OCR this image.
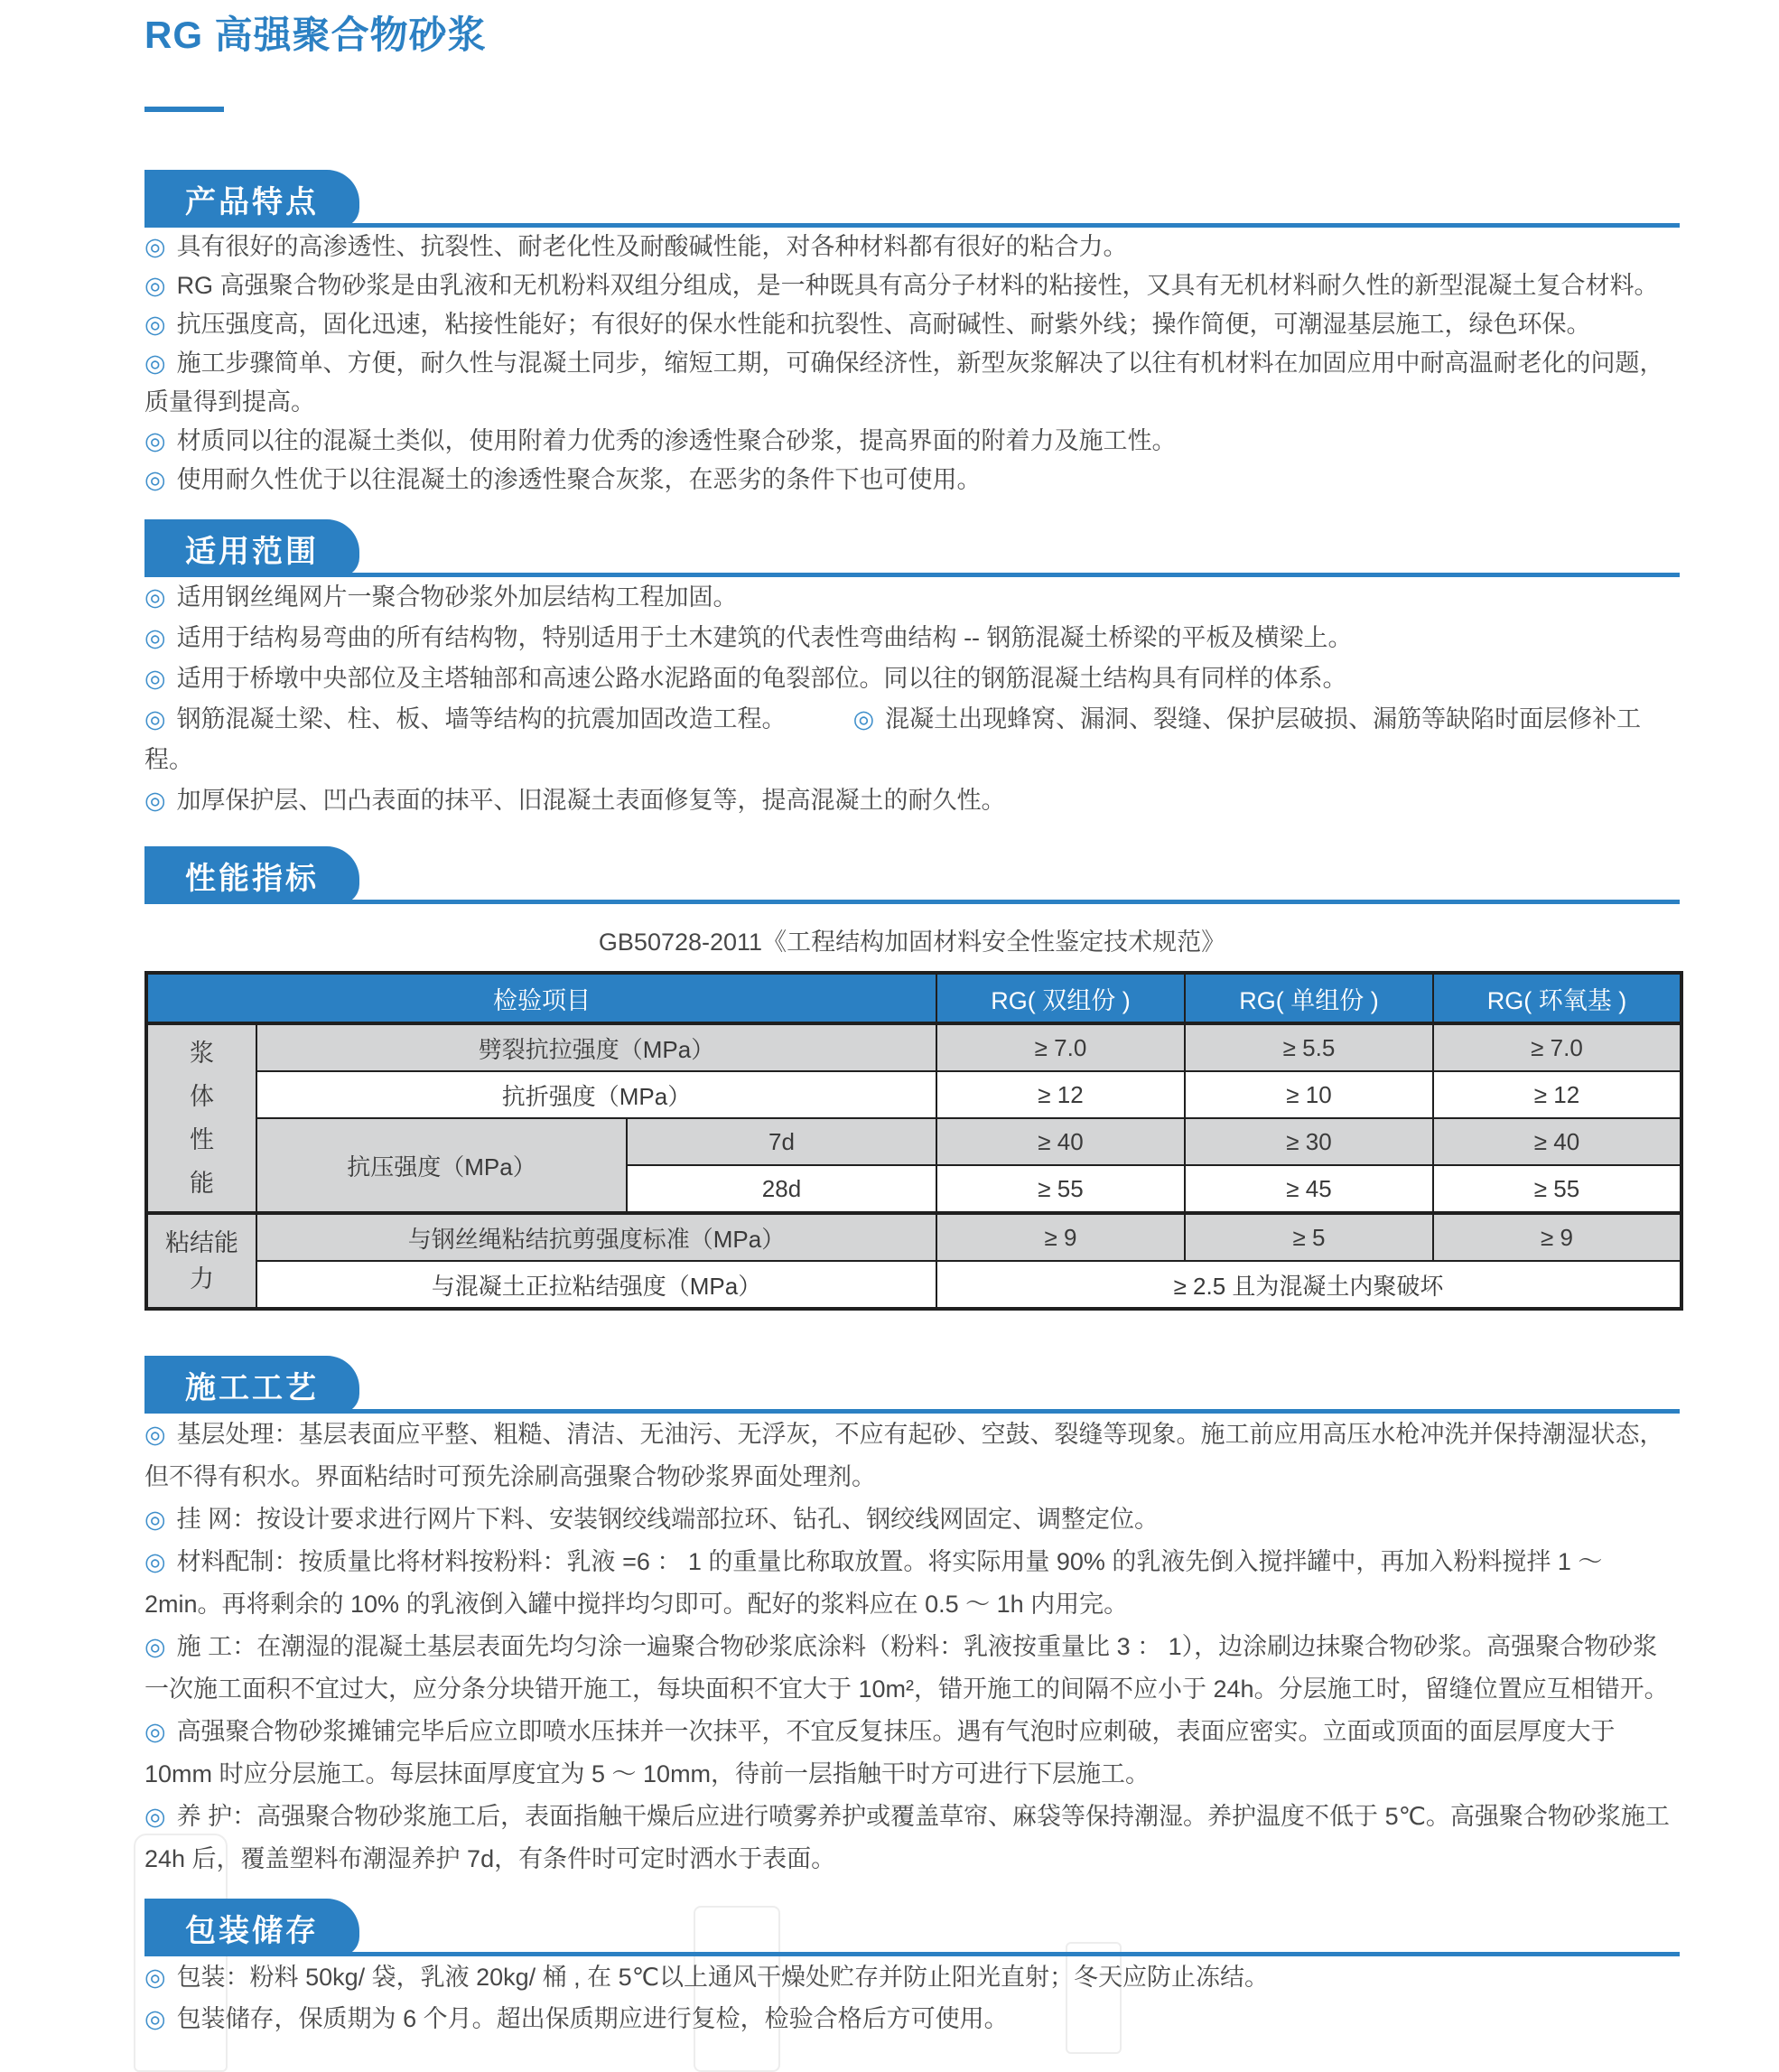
RG 高强聚合物砂浆
产品特点
◎ 具有很好的高渗透性、抗裂性、耐老化性及耐酸碱性能，对各种材料都有很好的粘合力。
◎ RG 高强聚合物砂浆是由乳液和无机粉料双组分组成，是一种既具有高分子材料的粘接性，又具有无机材料耐久性的新型混凝土复合材料。
◎ 抗压强度高，固化迅速，粘接性能好；有很好的保水性能和抗裂性、高耐碱性、耐紫外线；操作简便，可潮湿基层施工，绿色环保。
◎ 施工步骤简单、方便，耐久性与混凝土同步，缩短工期，可确保经济性，新型灰浆解决了以往有机材料在加固应用中耐高温耐老化的问题，质量得到提高。
◎ 材质同以往的混凝土类似，使用附着力优秀的渗透性聚合砂浆，提高界面的附着力及施工性。
◎ 使用耐久性优于以往混凝土的渗透性聚合灰浆，在恶劣的条件下也可使用。
适用范围
◎ 适用钢丝绳网片一聚合物砂浆外加层结构工程加固。
◎ 适用于结构易弯曲的所有结构物，特别适用于土木建筑的代表性弯曲结构 -- 钢筋混凝土桥梁的平板及横梁上。
◎ 适用于桥墩中央部位及主塔轴部和高速公路水泥路面的龟裂部位。同以往的钢筋混凝土结构具有同样的体系。
◎ 钢筋混凝土梁、柱、板、墙等结构的抗震加固改造工程。	◎ 混凝土出现蜂窝、漏洞、裂缝、保护层破损、漏筋等缺陷时面层修补工程。
◎ 加厚保护层、凹凸表面的抹平、旧混凝土表面修复等，提高混凝土的耐久性。
性能指标
GB50728-2011《工程结构加固材料安全性鉴定技术规范》
检验项目			RG( 双组份 )	RG( 单组份 )	RG( 环氧基 )

浆体性能	劈裂抗拉强度（MPa）		≥ 7.0	≥ 5.5	≥ 7.0
	抗折强度（MPa）		≥ 12	≥ 10	≥ 12
	抗压强度（MPa）	7d	≥ 40	≥ 30	≥ 40
		28d	≥ 55	≥ 45	≥ 55

粘结能力	与钢丝绳粘结抗剪强度标准（MPa）		≥ 9	≥ 5	≥ 9
	与混凝土正拉粘结强度（MPa）		≥ 2.5 且为混凝土内聚破坏		
施工工艺
◎ 基层处理：基层表面应平整、粗糙、清洁、无油污、无浮灰，不应有起砂、空鼓、裂缝等现象。施工前应用高压水枪冲洗并保持潮湿状态，但不得有积水。界面粘结时可预先涂刷高强聚合物砂浆界面处理剂。
◎ 挂 网：按设计要求进行网片下料、安装钢绞线端部拉环、钻孔、钢绞线网固定、调整定位。
◎ 材料配制：按质量比将材料按粉料：乳液 =6 ： 1 的重量比称取放置。将实际用量 90% 的乳液先倒入搅拌罐中，再加入粉料搅拌 1 ～ 2min。再将剩余的 10% 的乳液倒入罐中搅拌均匀即可。配好的浆料应在 0.5 ～ 1h 内用完。
◎ 施 工：在潮湿的混凝土基层表面先均匀涂一遍聚合物砂浆底涂料（粉料：乳液按重量比 3 ： 1），边涂刷边抹聚合物砂浆。高强聚合物砂浆一次施工面积不宜过大，应分条分块错开施工，每块面积不宜大于 10m²，错开施工的间隔不应小于 24h。分层施工时，留缝位置应互相错开。
◎ 高强聚合物砂浆摊铺完毕后应立即喷水压抹并一次抹平，不宜反复抹压。遇有气泡时应刺破，表面应密实。立面或顶面的面层厚度大于 10mm 时应分层施工。每层抹面厚度宜为 5 ～ 10mm，待前一层指触干时方可进行下层施工。
◎ 养 护：高强聚合物砂浆施工后，表面指触干燥后应进行喷雾养护或覆盖草帘、麻袋等保持潮湿。养护温度不低于 5℃。高强聚合物砂浆施工 24h 后，覆盖塑料布潮湿养护 7d，有条件时可定时洒水于表面。
包装储存
◎ 包装：粉料 50kg/ 袋，乳液 20kg/ 桶 , 在 5℃以上通风干燥处贮存并防止阳光直射；冬天应防止冻结。
◎ 包装储存，保质期为 6 个月。超出保质期应进行复检，检验合格后方可使用。
